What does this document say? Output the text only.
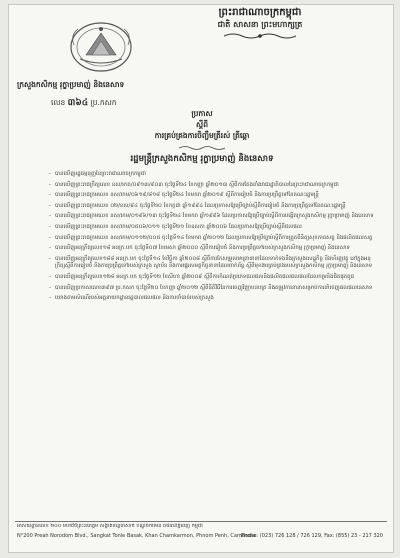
ព្រះរាជាណាចក្រកម្ពុជា
ជាតិ សាសនា ព្រះមហាក្សត្រ
ក្រសួងកសិកម្ម រុក្ខាប្រមាញ់ និងនេសាទ
លេខ ៣៦៤ ប្រ.កសក
ប្រកាស
ស្តីពី
ការគ្រប់គ្រងការចិញ្ចឹមត្រីរស់ ត្រីឆ្ដោ
រដ្ឋមន្ត្រីក្រសួងកសិកម្ម រុក្ខាប្រមាញ់ និងនេសាទ
- បានឃើញរដ្ឋធម្មនុញ្ញនៃព្រះរាជាណាចក្រកម្ពុជា
- បានឃើញព្រះរាជក្រឹត្យលេខ នស/រកត/០៩១៣/៩០៣ ចុះថ្ងៃទី២៤ ខែកញ្ញា ឆ្នាំ២០១៣ ស្តីពីការតែងតាំងរាជរដ្ឋាភិបាលនៃព្រះរាជាណាចក្រកម្ពុជា
- បានឃើញព្រះរាជក្រមលេខ នស/រកម/០៦១៩/៨១៨ ចុះថ្ងៃទី២៤ ខែមករា ឆ្នាំ២០១៩ ស្តីពីការរៀបចំ និងការប្រព្រឹត្តទៅនៃគណៈរដ្ឋមន្ត្រី
- បានឃើញព្រះរាជក្រមលេខ ០២/នស/៩៤ ចុះថ្ងៃទី២០ ខែកក្កដា ឆ្នាំ១៩៩៤ ដែលប្រកាសឱ្យប្រើច្បាប់ស្តីពីការរៀបចំ និងការប្រព្រឹត្តទៅនៃគណៈរដ្ឋមន្ត្រី
- បានឃើញព្រះរាជក្រមលេខ នស/រកម/០១៩៦/១៣ ចុះថ្ងៃទី២៤ ខែមករា ឆ្នាំ១៩៩៦ ដែលប្រកាសឱ្យប្រើច្បាប់ស្តីពីការបង្កើតក្រសួងកសិកម្ម រុក្ខាប្រមាញ់ និងនេសាទ
- បានឃើញព្រះរាជក្រមលេខ នស/រកម/០៥០៦/០១១ ចុះថ្ងៃទី២១ ខែឧសភា ឆ្នាំ២០០៦ ដែលប្រកាសឱ្យប្រើច្បាប់ស្តីពីជលផល
- បានឃើញព្រះរាជក្រមលេខ នស/រកម/០១១២/០០៥ ចុះថ្ងៃទី១៤ ខែមករា ឆ្នាំ២០១២ ដែលប្រកាសឱ្យប្រើច្បាប់ស្តីពីការត្រួតពិនិត្យសុខភាពសត្វ និងផលិតផលសត្វ
- បានឃើញអនុក្រឹត្យលេខ១៨ អនក្រ.បក ចុះថ្ងៃទី០៧ ខែមេសា ឆ្នាំ២០០០ ស្តីពីការរៀបចំ និងការប្រព្រឹត្តទៅរបស់ក្រសួងកសិកម្ម រុក្ខាប្រមាញ់ និងនេសាទ
- បានឃើញអនុក្រឹត្យលេខ១៨៨ អនក្រ.បក ចុះថ្ងៃទី១៤ ខែវិច្ឆិកា ឆ្នាំ២០០៨ ស្តីពីការកែសម្រួលមាត្រានានាដែលទាក់ទងនឹងក្រសួងសេដ្ឋកិច្ច និងហិរញ្ញវត្ថុ នៅក្នុងអនុក្រឹត្យស្តីពីការរៀបចំ និងការប្រព្រឹត្តទៅរបស់ក្រសួង ស្ថាប័ន និងការផ្ទេរសមត្ថកិច្ចនានាដែលពាក់ព័ន្ធ ស្តីពីមុខងារគ្រប់គ្រងរបស់ក្រសួងកសិកម្ម រុក្ខាប្រមាញ់ និងនេសាទ
- បានឃើញអនុក្រឹត្យលេខ១២៨ អនក្រ.បក ចុះថ្ងៃទី១២ ខែសីហា ឆ្នាំ២០០៩ ស្តីពីការកំណត់ប្រភេទជលផលនិងផលិតផលជលផលដែលកម្រនិងជិតផុតពូជ
- បានឃើញប្រកាសលេខ៣៩៧ ប្រ.កសក ចុះថ្ងៃទី២០ ខែកញ្ញា ឆ្នាំ២០១២ ស្តីពីនីតិវិធីនៃការចេញវិញ្ញាបនបត្រ និងតម្រូវការនានាសម្រាប់ការនាំចេញផលផលនេសាទ
- យោងតាមសំណើរបស់អគ្គនាយកដ្ឋានរដ្ឋបាលជលផល និងការចាំបាច់របស់ក្រសួង
អាសយដ្ឋានលេខ ២០០ មហាវិថីព្រះនរោត្តម សង្កាត់ទន្លេបាសាក់ ខណ្ឌចំការមន រាជធានីភ្នំពេញ កម្ពុជា
N°200 Preah Norodom Blvd., Sangkat Tonle Basak, Khan Chamkarmon, Phnom Penh, Cambodia
Phone: (023) 726 128 / 726 129, Fax: (855) 23 - 217 320
